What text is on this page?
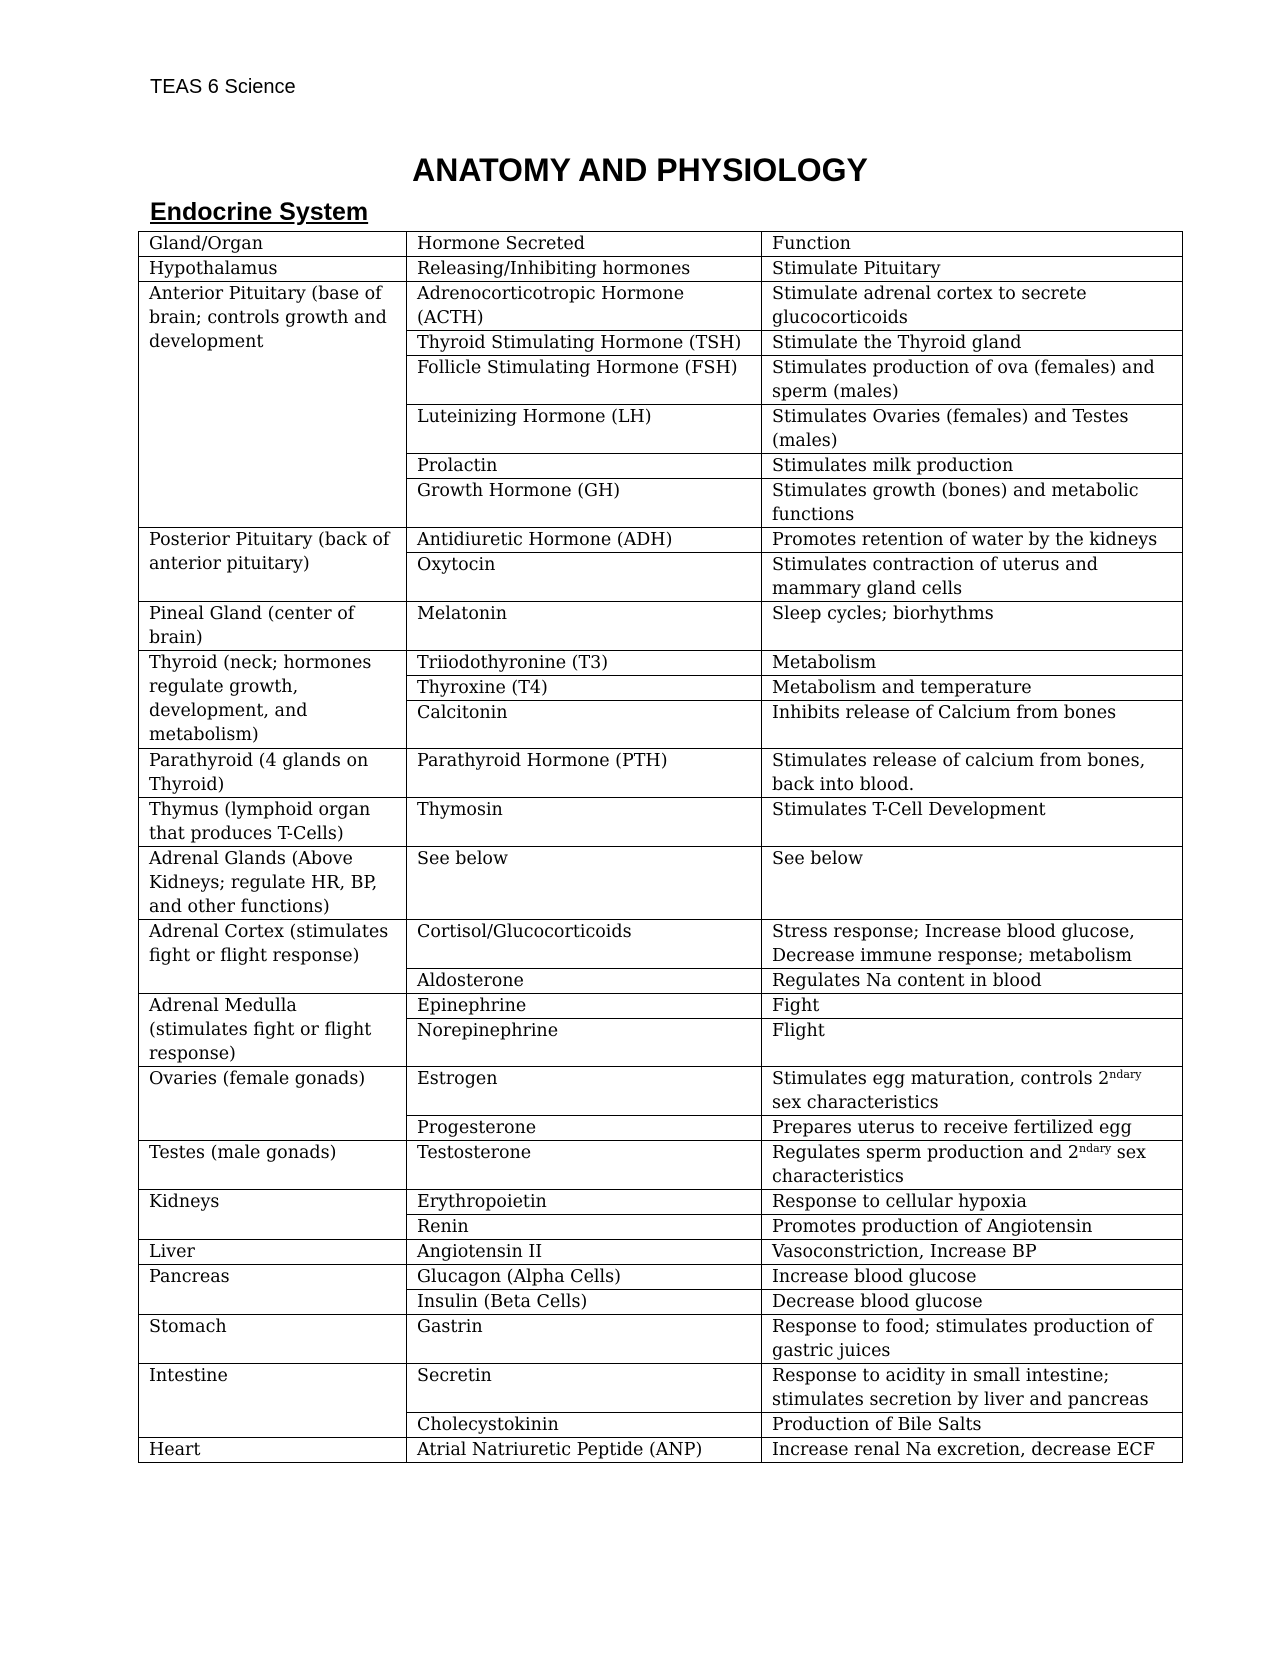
TEAS 6 Science
ANATOMY AND PHYSIOLOGY
Endocrine System
Gland/Organ	Hormone Secreted	Function
Hypothalamus	Releasing/Inhibiting hormones	Stimulate Pituitary
Anterior Pituitary (base of brain; controls growth and development	Adrenocorticotropic Hormone (ACTH)	Stimulate adrenal cortex to secrete glucocorticoids
	Thyroid Stimulating Hormone (TSH)	Stimulate the Thyroid gland
	Follicle Stimulating Hormone (FSH)	Stimulates production of ova (females) and sperm (males)
	Luteinizing Hormone (LH)	Stimulates Ovaries (females) and Testes (males)
	Prolactin	Stimulates milk production
	Growth Hormone (GH)	Stimulates growth (bones) and metabolic functions
Posterior Pituitary (back of anterior pituitary)	Antidiuretic Hormone (ADH)	Promotes retention of water by the kidneys
	Oxytocin	Stimulates contraction of uterus and mammary gland cells
Pineal Gland (center of brain)	Melatonin	Sleep cycles; biorhythms
Thyroid (neck; hormones regulate growth, development, and metabolism)	Triiodothyronine (T3)	Metabolism
	Thyroxine (T4)	Metabolism and temperature
	Calcitonin	Inhibits release of Calcium from bones
Parathyroid (4 glands on Thyroid)	Parathyroid Hormone (PTH)	Stimulates release of calcium from bones, back into blood.
Thymus (lymphoid organ that produces T-Cells)	Thymosin	Stimulates T-Cell Development
Adrenal Glands (Above Kidneys; regulate HR, BP, and other functions)	See below	See below
Adrenal Cortex (stimulates fight or flight response)	Cortisol/Glucocorticoids	Stress response; Increase blood glucose, Decrease immune response; metabolism
	Aldosterone	Regulates Na content in blood
Adrenal Medulla (stimulates fight or flight response)	Epinephrine	Fight
	Norepinephrine	Flight
Ovaries (female gonads)	Estrogen	Stimulates egg maturation, controls $2^{ndary}$ sex characteristics
	Progesterone	Prepares uterus to receive fertilized egg
Testes (male gonads)	Testosterone	Regulates sperm production and $2^{ndary}$ sex characteristics
Kidneys	Erythropoietin	Response to cellular hypoxia
	Renin	Promotes production of Angiotensin
Liver	Angiotensin II	Vasoconstriction, Increase BP
Pancreas	Glucagon (Alpha Cells)	Increase blood glucose
	Insulin (Beta Cells)	Decrease blood glucose
Stomach	Gastrin	Response to food; stimulates production of gastric juices
Intestine	Secretin	Response to acidity in small intestine; stimulates secretion by liver and pancreas
	Cholecystokinin	Production of Bile Salts
Heart	Atrial Natriuretic Peptide (ANP)	Increase renal Na excretion, decrease ECF
